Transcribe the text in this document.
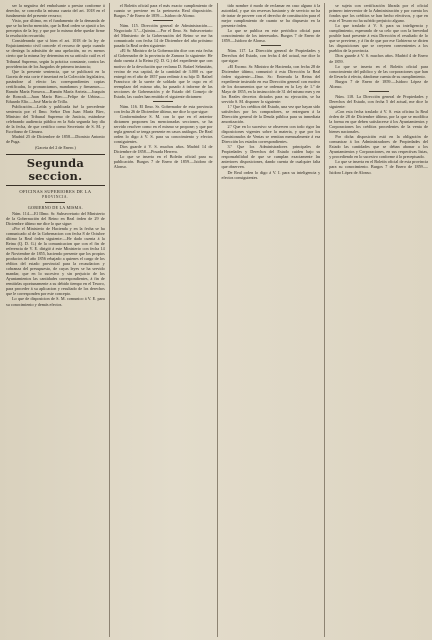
ser la negativa del embolsante a prestar conforme á derecho, se concedía la misma cuarta del art. 1018 en el fundamento del presente recurso;

Visto, por último, en el fundamento de la demanda de que se ha hecho mención, que la Real orden se ajustó a los preceptos de la ley, y que por lo mismo debe quedar firme la resolución recurrida;

Considerando que si bien el art. 1018 de la ley de Enjuiciamiento civil concede el recurso de queja cuando se deniega la admisión de una apelación, no es menos cierto que la misma ley determina en su artículo cuál es el Tribunal Supremo, según la práctica constante, contra las providencias de los Juzgados de primera instancia;

Que la presente sentencia, que se publicará en la Gaceta de esta corte é insertará en la Colección legislativa, pasándose al efecto las correspondientes copias certificadas, lo pronunciamos, mandamos y firmamos.—Ramón María Fonseca.—Ramón María Arrieta.—Joaquín de Roncali.—Juan María Biec.—Felipe de Urbina.—Eduardo Elío.—José María de Trilla.

Publicación.—Leída y publicada fué la precedente sentencia por el Ilmo. Señor Don Juan María Biec, Ministro del Tribunal Supremo de Justicia, estándose celebrando audiencia pública en la Sala segunda hoy día de la fecha, de que certifico como Secretario de S. M. y Escribano de Cámara.

Madrid 25 de Diciembre de 1858.—Dionisio Antonio de Puga.

(Gaceta del 2 de Enero.)

Segunda seccion.

OFICINAS SUPERIORES DE LA

PROVINCIA.

GOBIERNO DE LA MISMA.

Núm. 114.—El Illmo. Sr. Subsecretario del Ministerio de la Gobernación del Reino en Real órden de 29 de Diciembre último me dice lo que sigue:

«Por el Ministerio de Hacienda y en la fecha se ha comunicado al de la Gobernacion con fecha 8 de Octubre último la Real órden siguiente:—He dado cuenta á la Reina (Q. D. G.) de la comunicacion que con el fin de referencia de V. E. dirigió á este Ministerio con fecha 14 de Noviembre de 1855, haciendo presente que los propios productos del año 1856 rebajado a quienes el cargo de los rèditos del estado provincial para la recaudacion y cobranza del presupuesto, de cuyas leyes se ha servido mandar, que en lo sucesivo y sin perjuicio de los Ayuntamientos las cantidades correspondientes, á fin de remitirlas oportunamente a su debido tiempo en el Tesoro, para proceder á su aplicacion y resultado de los derechos que le corresponden por este concepto.

Lo que de disposicion de S. M. comunico á V. E. para su conocimiento y demás efectos.

el Boletín oficial para el más exacto cumplimiento de cuanto se previene en la preinserta Real disposición. Burgos 7 de Enero de 1859.—Isidoro de Alonso.

Núm. 115. Dirección general de Administración.—Negociado 3.º—Quintas.—Por el Ilmo. Sr. Subsecretario del Ministerio de la Gobernación del Reino se me ha comunicado con fecha 14 de Diciembre del año próximo pasado la Real orden siguiente:

«El Sr. Ministro de la Gobernación dice con esta fecha al Gobernador de la provincia de Zamora lo siguiente: He dado cuenta á la Reina (Q. D. G.) del expediente que con motivo de la devolución que reclama D. Rafael Sebastián, vecino de esa capital, de la cantidad de 3.000 rs. que entregó en el año de 1857 para redimir á su hijo D. Rafael Francisco de la suerte de soldado que le cupo en el reemplazo del mismo año, ha pasado á informe de las secciones de Gobernación y de Estado del Consejo de Estado, las cuales han emitido el siguiente dictamen:

Núm. 116. El Ilmo. Sr. Gobernador de esta provincia con fecha 26 de Diciembre último, me dice lo que sigue:

Conformándose S. M. con lo que en el anterior dictamen proponen las mencionadas secciones, se ha servido resolver como en el mismo se propone; y que por regla general se tenga presente en casos análogos. De Real orden lo digo á V. S. para su conocimiento y efectos consiguientes.

Dios guarde á V. S. muchos años. Madrid 14 de Diciembre de 1858.—Posada Herrera.

Lo que se inserta en el Boletín oficial para su publicación. Burgos 7 de Enero de 1859.—Isidoro de Alonso.

tido nombre ó modo de reclamar en caso alguno á la autoridad, y que sin reservas bastante y de servicio no ha de tratar de proveer con el derecho de constitución para el mejor cumplimiento de cuanto se ha dispuesto en la presente órden.

Lo que se publica en este periódico oficial para conocimiento de los interesados. Burgos 7 de Enero de 1859.—Isidoro de Alonso.

Núm. 117. La Dirección general de Propiedades y Derechos del Estado, con fecha 4 del actual, me dice lo que sigue:

«El Excmo. Sr. Ministro de Hacienda, con fecha 28 de Diciembre último, comunicó á esta Dirección la Real órden siguiente:—Ilmo. Sr.: Enterada la Reina del expediente instruido en esa Dirección general con motivo de los documentos que se ordenan en la Ley de 1.º de Mayo de 1855, en la instrucción de 31 del mismo mes y en los Reales decretos dictados para su ejecución, se ha servido S. M. disponer lo siguiente:

1.º Que los créditos del Estado, una vez que hayan sido satisfechos por los compradores, se entreguen á la Dirección general de la Deuda pública para su inmediata amortización.

2.º Que en lo sucesivo se observen con todo rigor las disposiciones vigentes sobre la materia, y que por los Comisionados de Ventas se remitan mensualmente á esa Dirección los estados correspondientes.

3.º Que los Administradores principales de Propiedades y Derechos del Estado cuiden bajo su responsabilidad de que se cumplan exactamente las anteriores disposiciones, dando cuenta de cualquier falta que observen.

De Real orden lo digo á V. I. para su inteligencia y efectos consiguientes.

se sujeta con certificación librada por el oficial primero interventor de la Administración y por cuenta los fondos que los créditos se han hecho efectivos, y que en esto el Tesoro no ha sufrido perjuicio alguno.

Lo que traslado á V. S. para su inteligencia y cumplimiento, esperando de su celo que con la brevedad posible hará presente á esta Dirección el resultado de lo que se previene, y á fin de que por ese Gobierno se dicten las disposiciones que se creyeren convenientes a los pueblos de la provincia.

Dios guarde á V. S. muchos años. Madrid 4 de Enero de 1859.

Lo que se inserta en el Boletín oficial para conocimiento del público y de las corporaciones que han de llevarlo á efecto, dándome cuenta de su cumplimiento.

Burgos 7 de Enero de 1859.—Isidoro López de Alonso.

Núm. 118. La Dirección general de Propiedades y Derechos del Estado, con fecha 5 del actual, me dice lo siguiente:

«Con esta fecha traslado á V. S. esta oficina la Real órden de 28 de Diciembre último, por la que se modifica la forma en que deben satisfacerse á los Ayuntamientos y Corporaciones los créditos procedentes de la venta de bienes nacionales.

Por dicha disposición está en la obligación de comunicar á los Administradores de Propiedades del Estado las cantidades que se deban abonar a los Ayuntamientos y Corporaciones, en sus respectivas listas, y procediendo en lo sucesivo conforme á lo preceptuado.

Lo que se inserta en el Boletín oficial de esta provincia para su conocimiento. Burgos 7 de Enero de 1859.—Isidoro López de Alonso.
